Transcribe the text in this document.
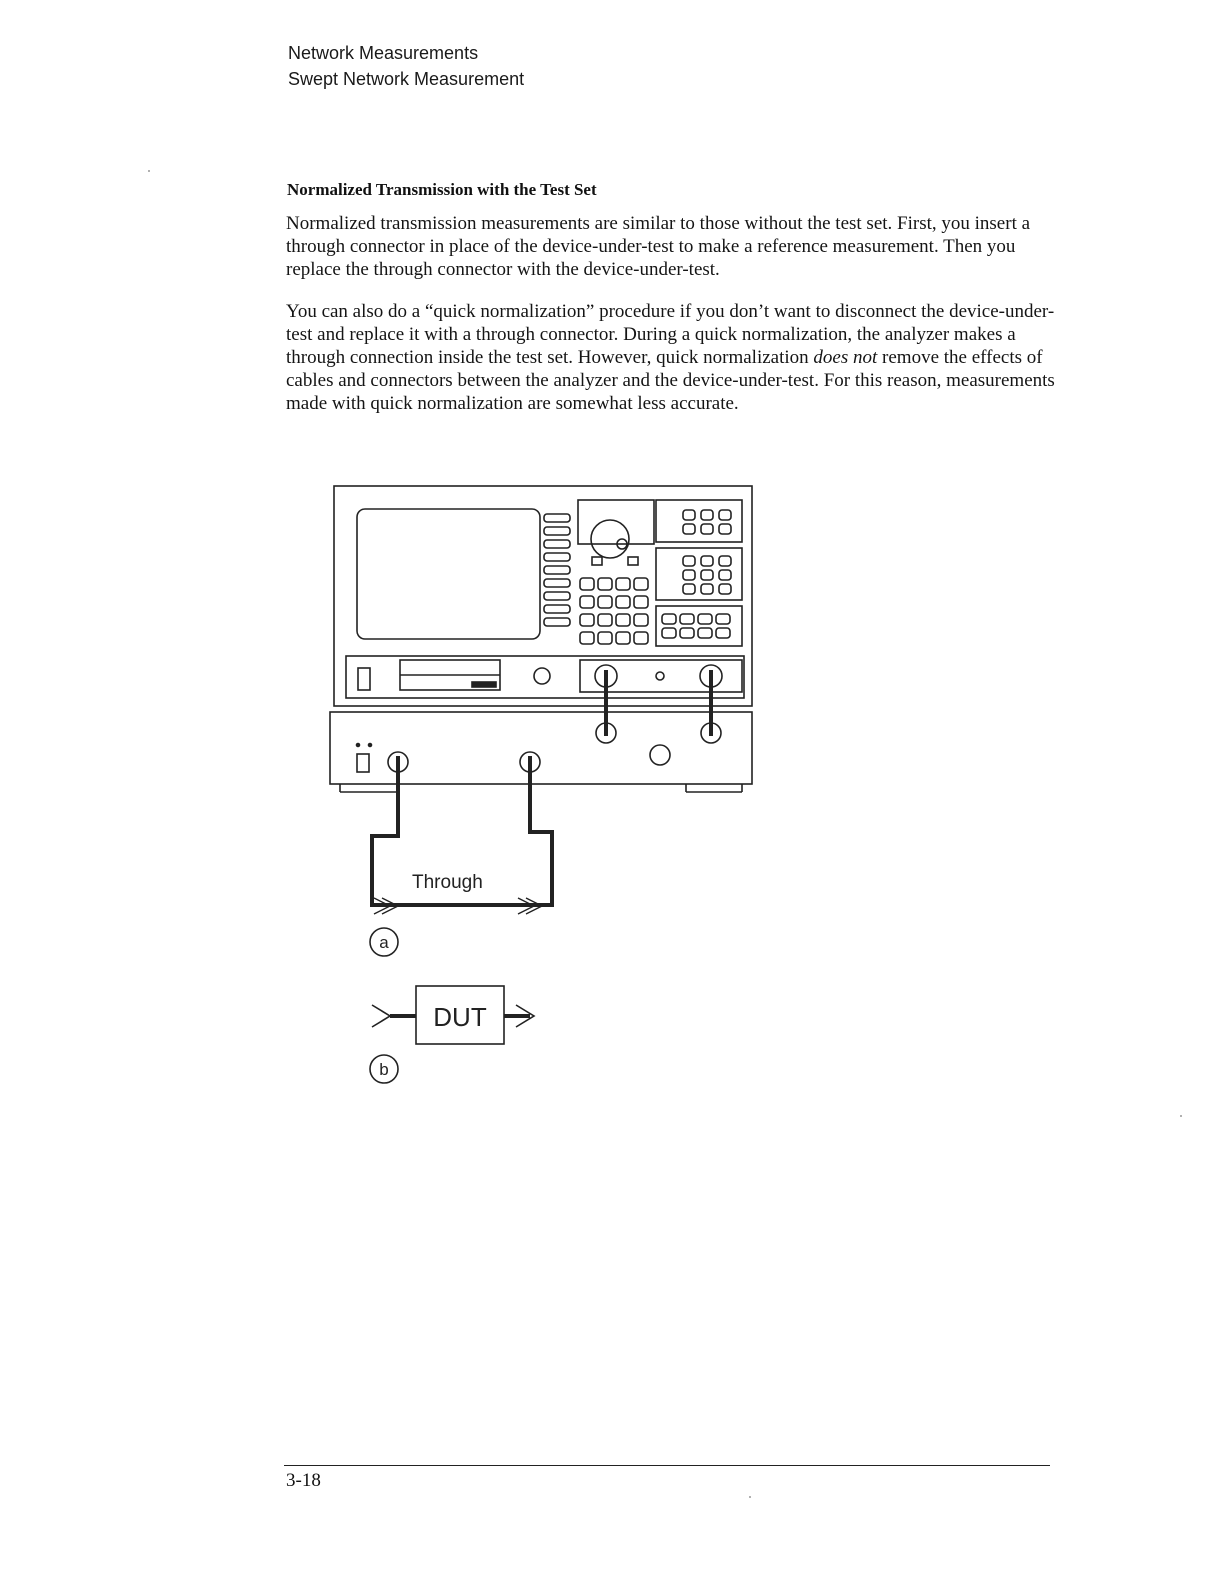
Network Measurements
Swept Network Measurement
Normalized Transmission with the Test Set

Normalized transmission measurements are similar to those without the test set. First, you insert a through connector in place of the device-under-test to make a reference measurement. Then you replace the through connector with the device-under-test.

You can also do a “quick normalization” procedure if you don’t want to disconnect the device-under-test and replace it with a through connector. During a quick normalization, the analyzer makes a through connection inside the test set. However, quick normalization does not remove the effects of cables and connectors between the analyzer and the device-under-test. For this reason, measurements made with quick normalization are somewhat less accurate.

Through
a
DUT
b
3-18
